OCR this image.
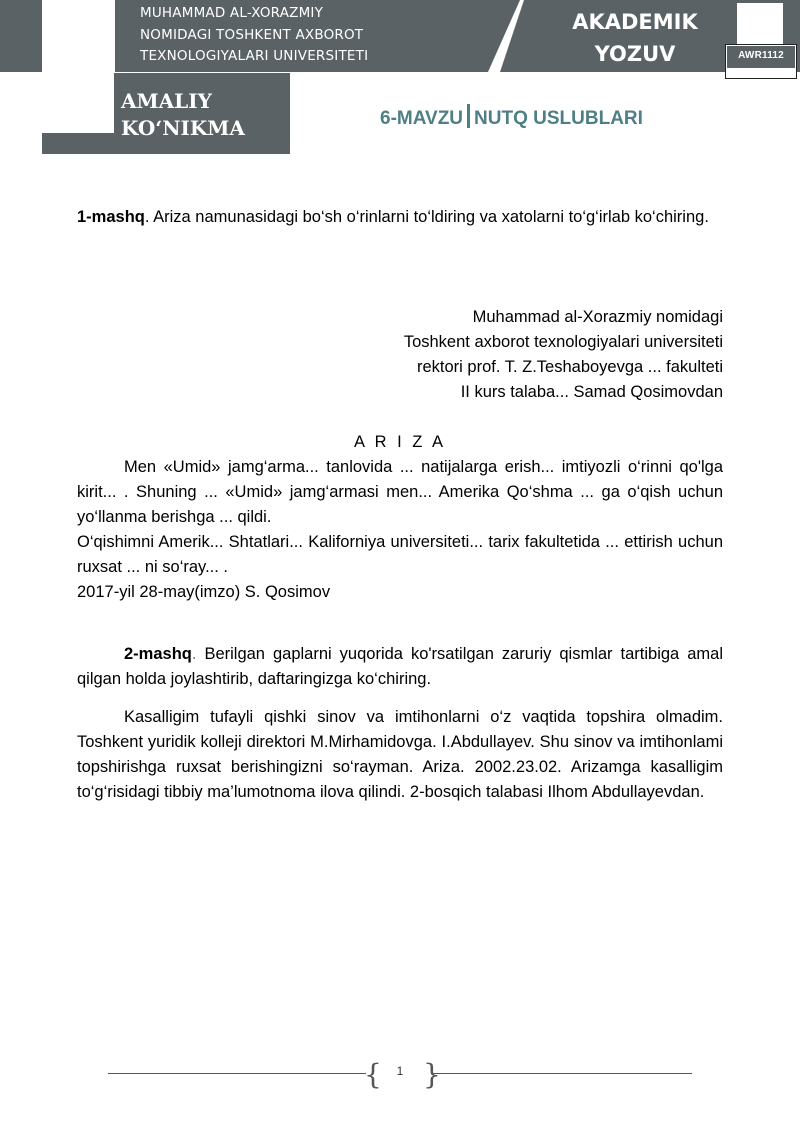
MUHAMMAD AL-XORAZMIY
NOMIDAGI TOSHKENT AXBOROT
TEXNOLOGIYALARI UNIVERSITETI
AKADEMIK
YOZUV	AWR1112
AMALIY
KO‘NIKMA	6-MAVZU NUTQ USLUBLARI

1-mashq. Ariza namunasidagi bo‘sh o‘rinlarni to‘ldiring va xatolarni to‘g‘irlab ko‘chiring.

Muhammad al-Xorazmiy nomidagi

Toshkent axborot texnologiyalari universiteti

rektori prof. T. Z.Teshaboyevga ... fakulteti

II kurs talaba... Samad Qosimovdan

A R I Z A

Men «Umid» jamg‘arma... tanlovida ... natijalarga erish... imtiyozli o‘rinni qo'lga kirit... . Shuning ... «Umid» jamg‘armasi men... Amerika Qo‘shma ... ga o‘qish uchun yo‘llanma berishga ... qildi.

O‘qishimni Amerik... Shtatlari... Kaliforniya universiteti... tarix fakultetida ... ettirish uchun ruxsat ... ni so‘ray... .

2017-yil 28-may(imzo) S. Qosimov

2-mashq. Berilgan gaplarni yuqorida ko'rsatilgan zaruriy qismlar tartibiga amal qilgan holda joylashtirib, daftaringizga ko‘chiring.

Kasalligim tufayli qishki sinov va imtihonlarni o‘z vaqtida topshira olmadim. Toshkent yuridik kolleji direktori M.Mirhamidovga. I.Abdullayev. Shu sinov va imtihonlami topshirishga ruxsat berishingizni so‘rayman. Ariza. 2002.23.02. Arizamga kasalligim to‘g‘risidagi tibbiy ma’lumotnoma ilova qilindi. 2-bosqich talabasi Ilhom Abdullayevdan.

{ }
1
